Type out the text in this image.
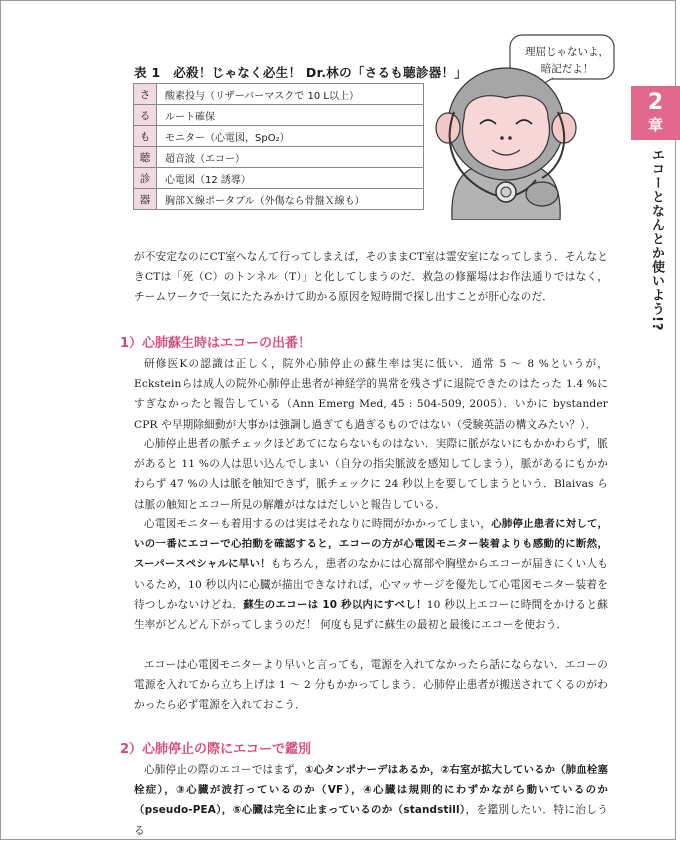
2
章
エコーとなんとか使いよう!?
表 1　必殺！じゃなく必生！ Dr.林の「さるも聴診器！」
さ	酸素投与（リザーバーマスクで 10 L以上）
る	ルート確保
も	モニター（心電図，SpO₂）
聴	超音波（エコー）
診	心電図（12 誘導）
器	胸部Ｘ線ポータブル（外傷なら骨盤Ｘ線も）
理屈じゃないよ，
暗記だよ！
が不安定なのにCT室へなんて行ってしまえば，そのままCT室は霊安室になってしまう．そんなときCTは「死（C）のトンネル（T）」と化してしまうのだ．救急の修羅場はお作法通りではなく，チームワークで一気にたたみかけて助かる原因を短時間で探し出すことが肝心なのだ．
1）心肺蘇生時はエコーの出番！
研修医Kの認識は正しく，院外心肺停止の蘇生率は実に低い．通常 5 〜 8 %というが，Ecksteinらは成人の院外心肺停止患者が神経学的異常を残さずに退院できたのはたった 1.4 %にすぎなかったと報告している（Ann Emerg Med, 45 : 504-509, 2005）．いかに bystander CPR や早期除細動が大事かは強調し過ぎても過ぎるものではない（受験英語の構文みたい？）．
心肺停止患者の脈チェックほどあてにならないものはない．実際に脈がないにもかかわらず，脈があると 11 %の人は思い込んでしまい（自分の指尖脈波を感知してしまう），脈があるにもかかわらず 47 %の人は脈を触知できず，脈チェックに 24 秒以上を要してしまうという．Blaivas らは脈の触知とエコー所見の解離がはなはだしいと報告している．
心電図モニターも着用するのは実はそれなりに時間がかかってしまい，心肺停止患者に対して，いの一番にエコーで心拍動を確認すると，エコーの方が心電図モニター装着よりも感動的に断然，スーパースペシャルに早い！もちろん，患者のなかには心窩部や胸壁からエコーが届きにくい人もいるため，10 秒以内に心臓が描出できなければ，心マッサージを優先して心電図モニター装着を待つしかないけどね．蘇生のエコーは 10 秒以内にすべし！10 秒以上エコーに時間をかけると蘇生率がどんどん下がってしまうのだ！ 何度も見ずに蘇生の最初と最後にエコーを使おう．
エコーは心電図モニターより早いと言っても，電源を入れてなかったら話にならない．エコーの電源を入れてから立ち上げは 1 〜 2 分もかかってしまう．心肺停止患者が搬送されてくるのがわかったら必ず電源を入れておこう．
2）心肺停止の際にエコーで鑑別
心肺停止の際のエコーではまず，①心タンポナーデはあるか，②右室が拡大しているか（肺血栓塞栓症），③心臓が波打っているのか（VF），④心臓は規則的にわずかながら動いているのか（pseudo-PEA），⑤心臓は完全に止まっているのか（standstill），を鑑別したい．特に治しうる
